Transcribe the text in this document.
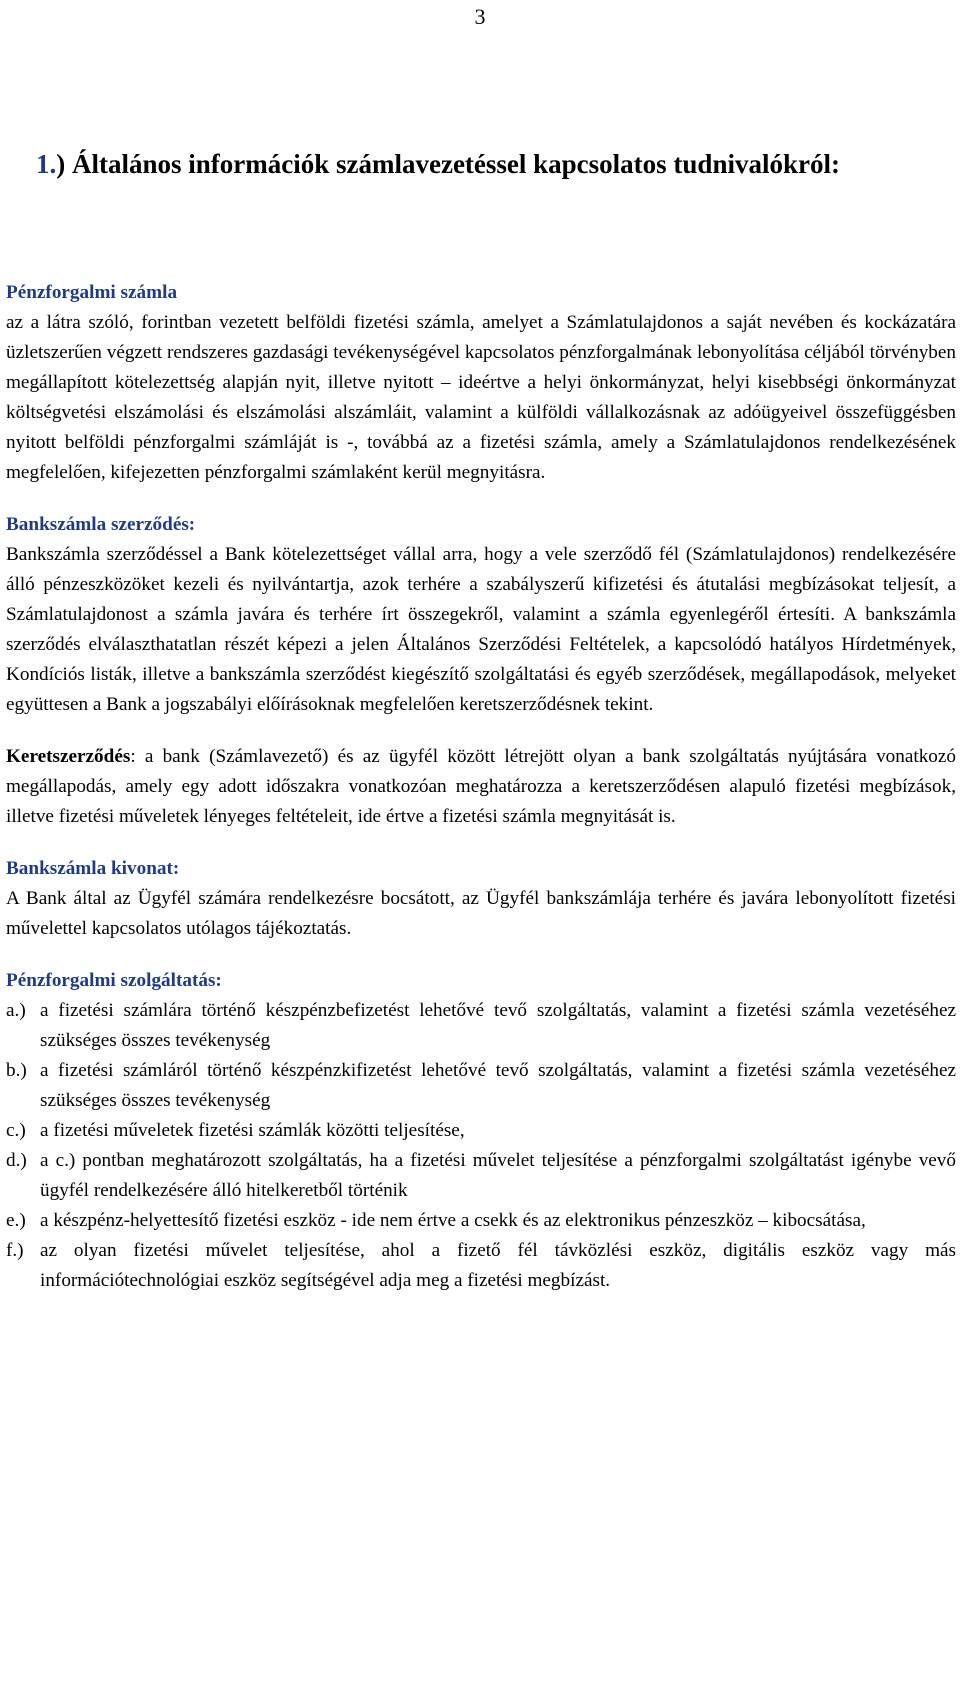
3
1.) Általános információk számlavezetéssel kapcsolatos tudnivalókról:
Pénzforgalmi számla

az a látra szóló, forintban vezetett belföldi fizetési számla, amelyet a Számlatulajdonos a saját nevében és kockázatára üzletszerűen végzett rendszeres gazdasági tevékenységével kapcsolatos pénzforgalmának lebonyolítása céljából törvényben megállapított kötelezettség alapján nyit, illetve nyitott – ideértve a helyi önkormányzat, helyi kisebbségi önkormányzat költségvetési elszámolási és elszámolási alszámláit, valamint a külföldi vállalkozásnak az adóügyeivel összefüggésben nyitott belföldi pénzforgalmi számláját is -, továbbá az a fizetési számla, amely a Számlatulajdonos rendelkezésének megfelelően, kifejezetten pénzforgalmi számlaként kerül megnyitásra.

Bankszámla szerződés:

Bankszámla szerződéssel a Bank kötelezettséget vállal arra, hogy a vele szerződő fél (Számlatulajdonos) rendelkezésére álló pénzeszközöket kezeli és nyilvántartja, azok terhére a szabályszerű kifizetési és átutalási megbízásokat teljesít, a Számlatulajdonost a számla javára és terhére írt összegekről, valamint a számla egyenlegéről értesíti. A bankszámla szerződés elválaszthatatlan részét képezi a jelen Általános Szerződési Feltételek, a kapcsolódó hatályos Hírdetmények, Kondíciós listák, illetve a bankszámla szerződést kiegészítő szolgáltatási és egyéb szerződések, megállapodások, melyeket együttesen a Bank a jogszabályi előírásoknak megfelelően keretszerződésnek tekint.

Keretszerződés: a bank (Számlavezető) és az ügyfél között létrejött olyan a bank szolgáltatás nyújtására vonatkozó megállapodás, amely egy adott időszakra vonatkozóan meghatározza a keretszerződésen alapuló fizetési megbízások, illetve fizetési műveletek lényeges feltételeit, ide értve a fizetési számla megnyitását is.

Bankszámla kivonat:

A Bank által az Ügyfél számára rendelkezésre bocsátott, az Ügyfél bankszámlája terhére és javára lebonyolított fizetési művelettel kapcsolatos utólagos tájékoztatás.

Pénzforgalmi szolgáltatás:
a.) a fizetési számlára történő készpénzbefizetést lehetővé tevő szolgáltatás, valamint a fizetési számla vezetéséhez szükséges összes tevékenység
b.) a fizetési számláról történő készpénzkifizetést lehetővé tevő szolgáltatás, valamint a fizetési számla vezetéséhez szükséges összes tevékenység
c.) a fizetési műveletek fizetési számlák közötti teljesítése,
d.) a c.) pontban meghatározott szolgáltatás, ha a fizetési művelet teljesítése a pénzforgalmi szolgáltatást igénybe vevő ügyfél rendelkezésére álló hitelkeretből történik
e.) a készpénz-helyettesítő fizetési eszköz - ide nem értve a csekk és az elektronikus pénzeszköz – kibocsátása,
f.) az olyan fizetési művelet teljesítése, ahol a fizető fél távközlési eszköz, digitális eszköz vagy más információtechnológiai eszköz segítségével adja meg a fizetési megbízást.
